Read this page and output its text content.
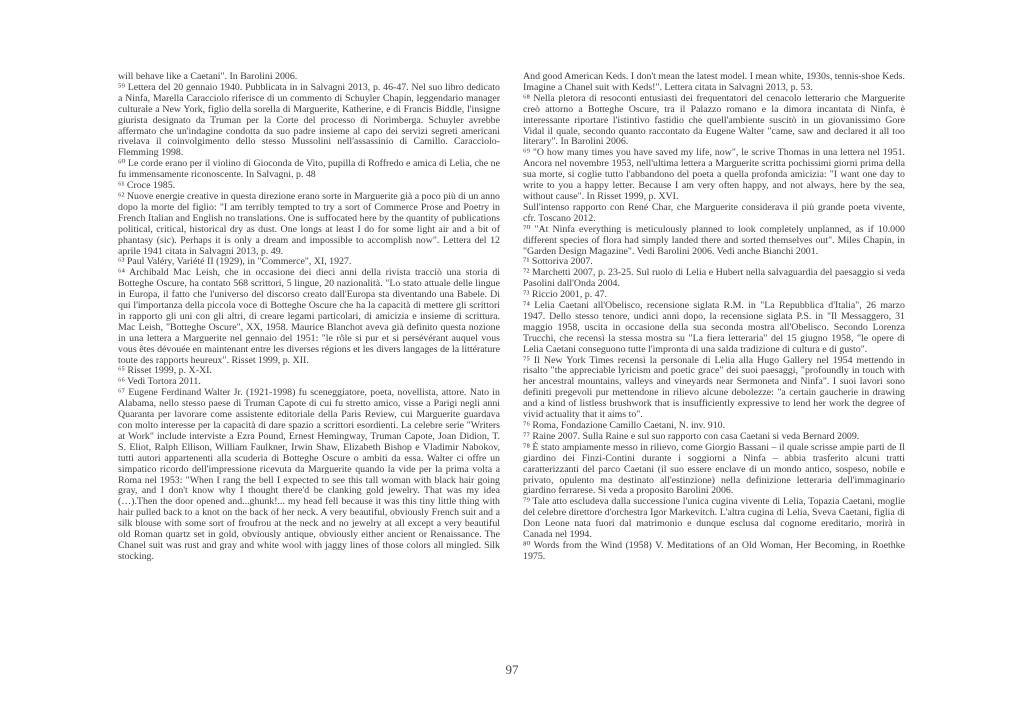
will behave like a Caetani". In Barolini 2006.

⁵⁹ Lettera del 20 gennaio 1940. Pubblicata in in Salvagni 2013, p. 46-47. Nel suo libro dedicato a Ninfa, Marella Caracciolo riferisce di un commento di Schuyler Chapin, leggendario manager culturale a New York, figlio della sorella di Marguerite, Katherine, e di Francis Biddle, l'insigne giurista designato da Truman per la Corte del processo di Norimberga. Schuyler avrebbe affermato che un'indagine condotta da suo padre insieme al capo dei servizi segreti americani rivelava il coinvolgimento dello stesso Mussolini nell'assassinio di Camillo. Caracciolo-Flemming 1998.

⁶⁰ Le corde erano per il violino di Gioconda de Vito, pupilla di Roffredo e amica di Lelia, che ne fu immensamente riconoscente. In Salvagni, p. 48

⁶¹ Croce 1985.

⁶² Nuove energie creative in questa direzione erano sorte in Marguerite già a poco più di un anno dopo la morte del figlio: "I am terribly tempted to try a sort of Commerce Prose and Poetry in French Italian and English no translations. One is suffocated here by the quantity of publications political, critical, historical dry as dust. One longs at least I do for some light air and a bit of phantasy (sic). Perhaps it is only a dream and impossible to accomplish now". Lettera del 12 aprile 1941 citata in Salvagni 2013, p. 49.

⁶³ Paul Valéry, Variété II (1929), in "Commerce", XI, 1927.

⁶⁴ Archibald Mac Leish, che in occasione dei dieci anni della rivista tracciò una storia di Botteghe Oscure, ha contato 568 scrittori, 5 lingue, 20 nazionalità. "Lo stato attuale delle lingue in Europa, il fatto che l'universo del discorso creato dall'Europa sta diventando una Babele. Di qui l'importanza della piccola voce di Botteghe Oscure che ha la capacità di mettere gli scrittori in rapporto gli uni con gli altri, di creare legami particolari, di amicizia e insieme di scrittura. Mac Leish, "Botteghe Oscure", XX, 1958. Maurice Blanchot aveva già definito questa nozione in una lettera a Marguerite nel gennaio del 1951: "le rôle si pur et si persévérant auquel vous vous êtes dévouée en maintenant entre les diverses régions et les divers langages de la littérature toute des rapports heureux". Risset 1999, p. XII.

⁶⁵ Risset 1999, p. X-XI.

⁶⁶ Vedi Tortora 2011.

⁶⁷ Eugene Ferdinand Walter Jr. (1921-1998) fu sceneggiatore, poeta, novellista, attore. Nato in Alabama, nello stesso paese di Truman Capote di cui fu stretto amico, visse a Parigi negli anni Quaranta per lavorare come assistente editoriale della Paris Review, cui Marguerite guardava con molto interesse per la capacità di dare spazio a scrittori esordienti. La celebre serie "Writers at Work" include interviste a Ezra Pound, Ernest Hemingway, Truman Capote, Joan Didion, T. S. Eliot, Ralph Ellison, William Faulkner, Irwin Shaw, Elizabeth Bishop e Vladimir Nabokov, tutti autori appartenenti alla scuderia di Botteghe Oscure o ambiti da essa. Walter ci offre un simpatico ricordo dell'impressione ricevuta da Marguerite quando la vide per la prima volta a Roma nel 1953: "When I rang the bell I expected to see this tall woman with black hair going gray, and I don't know why I thought there'd be clanking gold jewelry. That was my idea (…).Then the door opened and...ghunk!... my head fell because it was this tiny little thing with hair pulled back to a knot on the back of her neck. A very beautiful, obviously French suit and a silk blouse with some sort of froufrou at the neck and no jewelry at all except a very beautiful old Roman quartz set in gold, obviously antique, obviously either ancient or Renaissance. The Chanel suit was rust and gray and white wool with jaggy lines of those colors all mingled. Silk stocking.

And good American Keds. I don't mean the latest model. I mean white, 1930s, tennis-shoe Keds. Imagine a Chanel suit with Keds!". Lettera citata in Salvagni 2013, p. 53.

⁶⁸ Nella pletora di resoconti entusiasti dei frequentatori del cenacolo letterario che Marguerite creò attorno a Botteghe Oscure, tra il Palazzo romano e la dimora incantata di Ninfa, è interessante riportare l'istintivo fastidio che quell'ambiente suscitò in un giovanissimo Gore Vidal il quale, secondo quanto raccontato da Eugene Walter "came, saw and declared it all too literary". In Barolini 2006.

⁶⁹ "O how many times you have saved my life, now", le scrive Thomas in una lettera nel 1951. Ancora nel novembre 1953, nell'ultima lettera a Marguerite scritta pochissimi giorni prima della sua morte, si coglie tutto l'abbandono del poeta a quella profonda amicizia: "I want one day to write to you a happy letter. Because I am very often happy, and not always, here by the sea, without cause". In Risset 1999, p. XVI.

Sull'intenso rapporto con René Char, che Marguerite considerava il più grande poeta vivente, cfr. Toscano 2012.

⁷⁰ "At Ninfa everything is meticulously planned to look completely unplanned, as if 10.000 different species of flora had simply landed there and sorted themselves out". Miles Chapin, in "Garden Design Magazine". Vedi Barolini 2006. Vedi anche Bianchi 2001.

⁷¹ Sottoriva 2007.

⁷² Marchetti 2007, p. 23-25. Sul ruolo di Lelia e Hubert nella salvaguardia del paesaggio si veda Pasolini dall'Onda 2004.

⁷³ Riccio 2001, p. 47.

⁷⁴ Lelia Caetani all'Obelisco, recensione siglata R.M. in "La Repubblica d'Italia", 26 marzo 1947. Dello stesso tenore, undici anni dopo, la recensione siglata P.S. in "Il Messaggero, 31 maggio 1958, uscita in occasione della sua seconda mostra all'Obelisco. Secondo Lorenza Trucchi, che recensì la stessa mostra su "La fiera letteraria" del 15 giugno 1958, "le opere di Lelia Caetani conseguono tutte l'impronta di una salda tradizione di cultura e di gusto".

⁷⁵ Il New York Times recensì la personale di Lelia alla Hugo Gallery nel 1954 mettendo in risalto "the appreciable lyricism and poetic grace" dei suoi paesaggi, "profoundly in touch with her ancestral mountains, valleys and vineyards near Sermoneta and Ninfa". I suoi lavori sono definiti pregevoli pur mettendone in rilievo alcune debolezze: "a certain gaucherie in drawing and a kind of listless brushwork that is insufficiently expressive to lend her work the degree of vivid actuality that it aims to".

⁷⁶ Roma, Fondazione Camillo Caetani, N. inv. 910.

⁷⁷ Raine 2007. Sulla Raine e sul suo rapporto con casa Caetani si veda Bernard 2009.

⁷⁸ È stato ampiamente messo in rilievo, come Giorgio Bassani – il quale scrisse ampie parti de Il giardino dei Finzi-Contini durante i soggiorni a Ninfa – abbia trasferito alcuni tratti caratterizzanti del parco Caetani (il suo essere enclave di un mondo antico, sospeso, nobile e privato, opulento ma destinato all'estinzione) nella definizione letteraria dell'immaginario giardino ferrarese. Si veda a proposito Barolini 2006.

⁷⁹ Tale atto escludeva dalla successione l'unica cugina vivente di Lelia, Topazia Caetani, moglie del celebre direttore d'orchestra Igor Markevitch. L'altra cugina di Lelia, Sveva Caetani, figlia di Don Leone nata fuori dal matrimonio e dunque esclusa dal cognome ereditario, morirà in Canada nel 1994.

⁸⁰ Words from the Wind (1958) V. Meditations of an Old Woman, Her Becoming, in Roethke 1975.

97
